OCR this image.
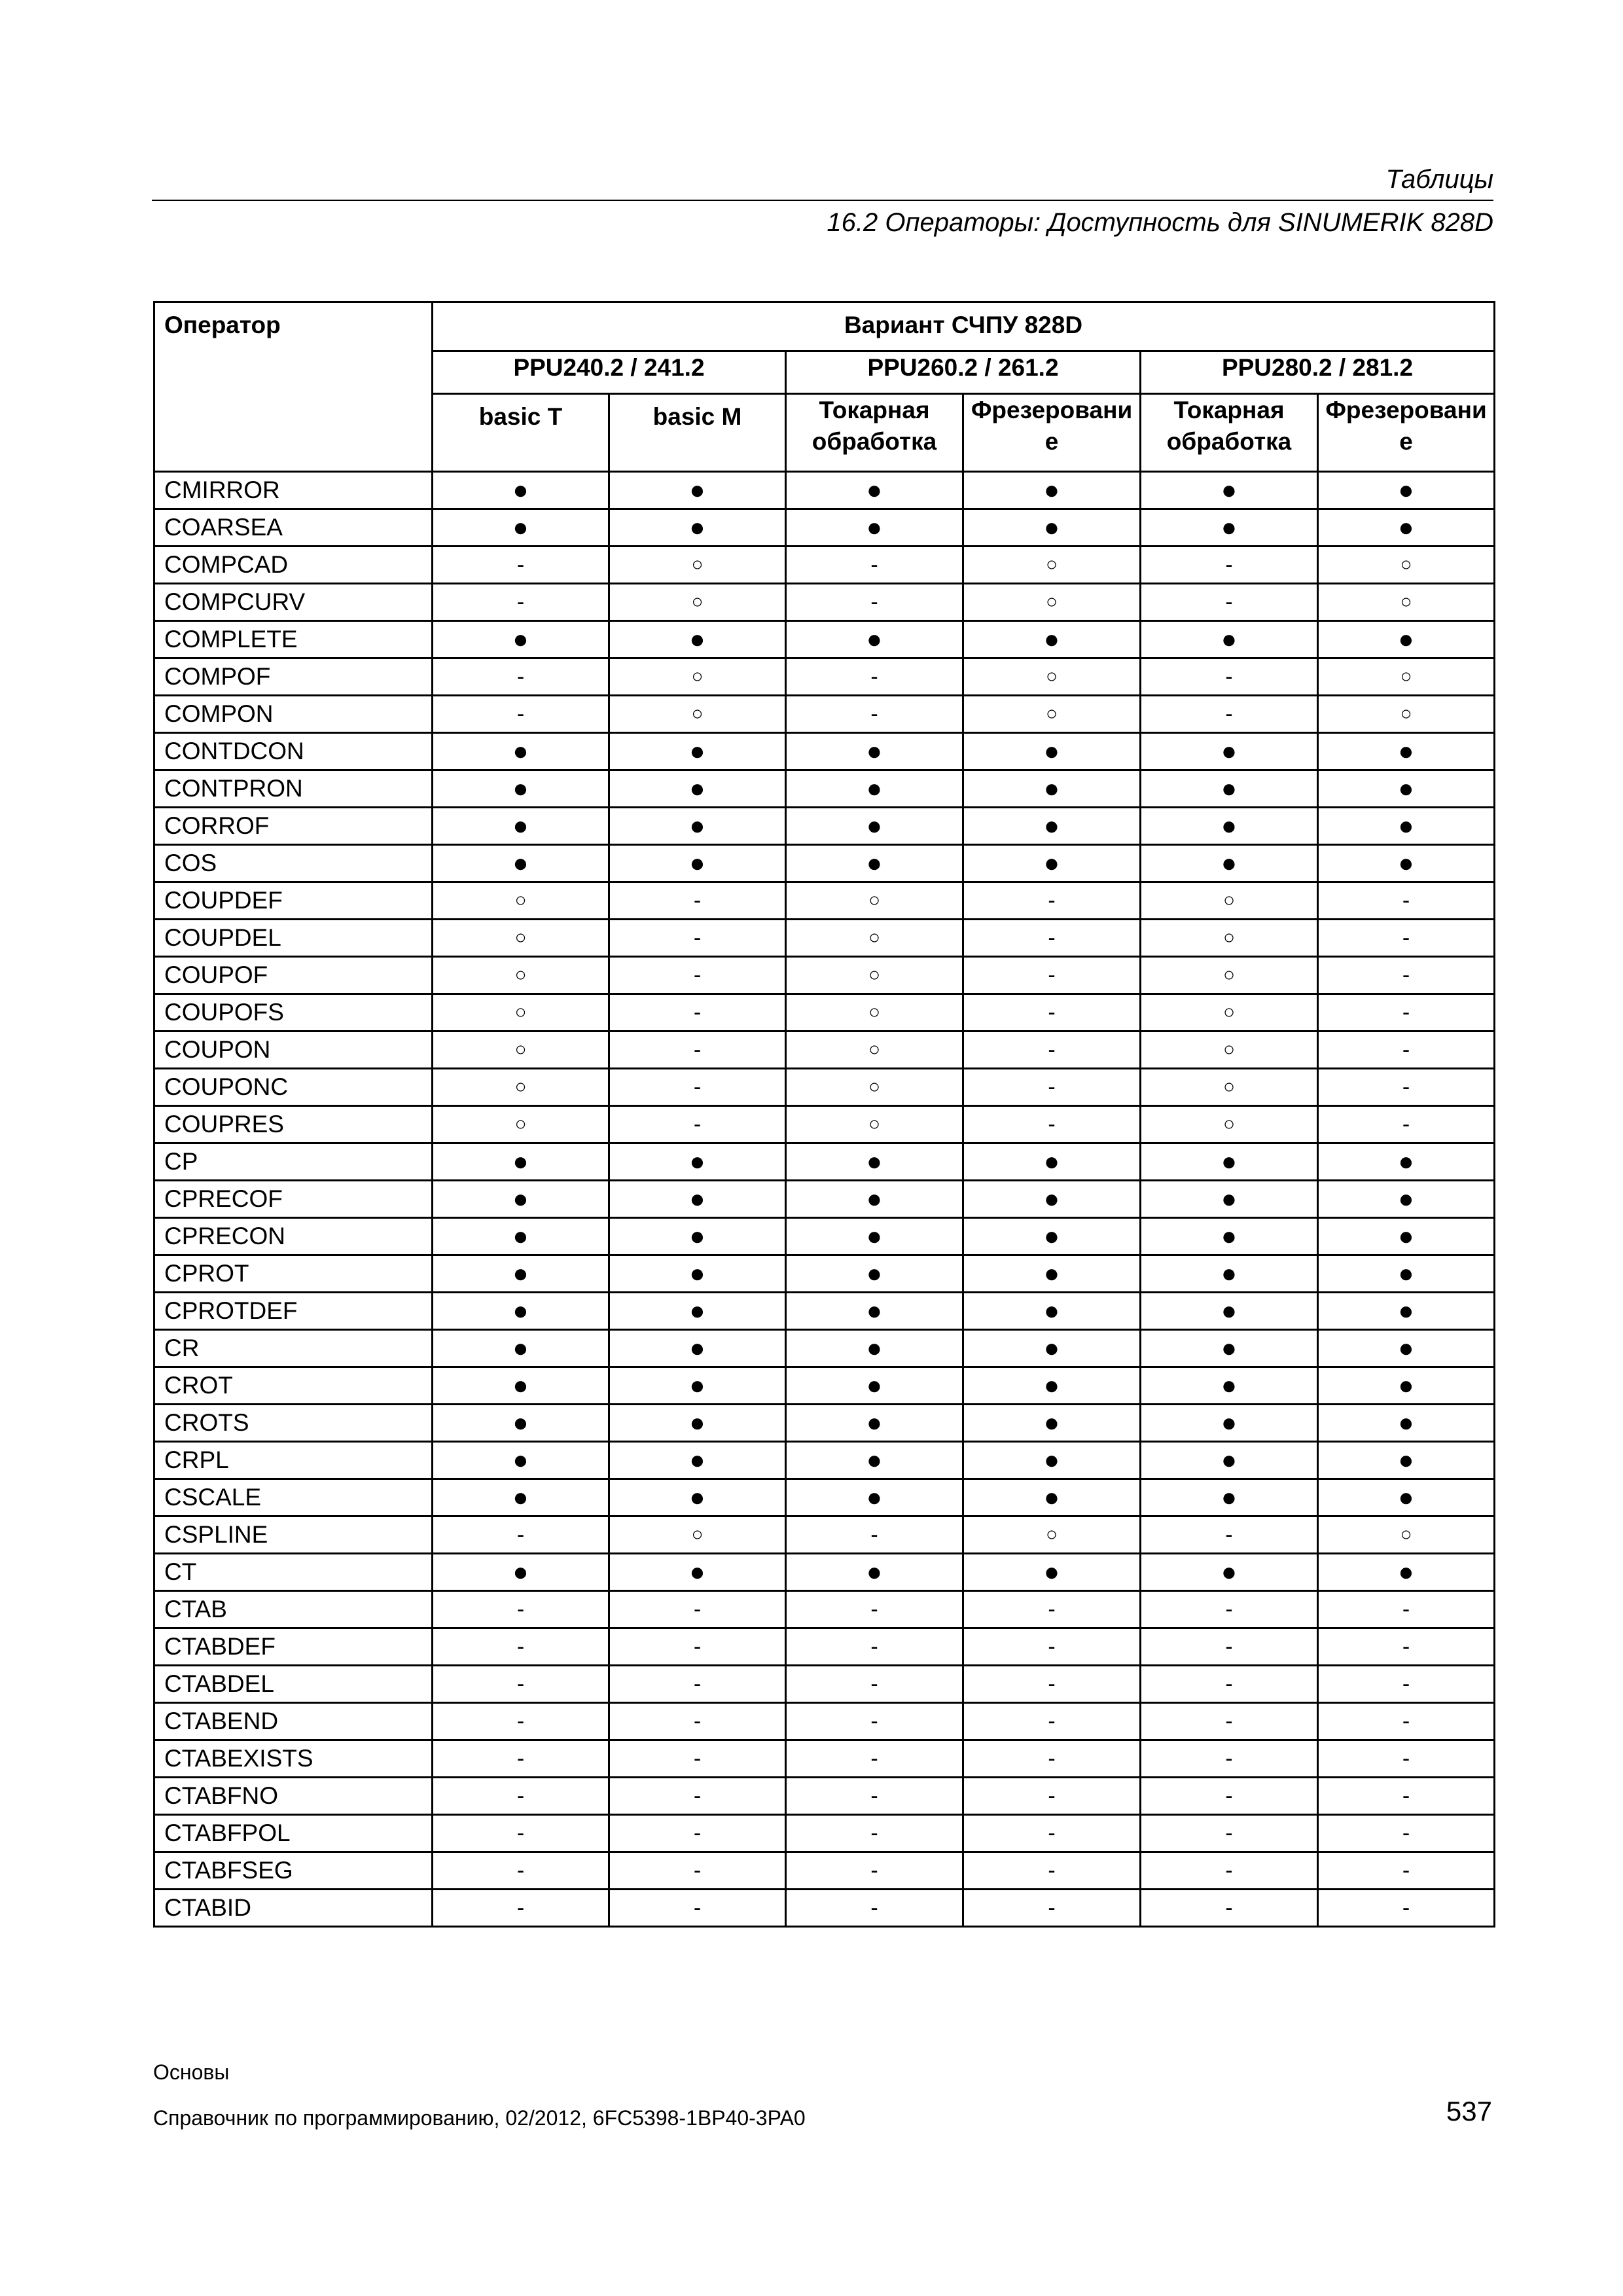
Таблицы
16.2 Операторы: Доступность для SINUMERIK 828D
Оператор	Вариант СЧПУ 828D					
	PPU240.2 / 241.2		PPU260.2 / 261.2		PPU280.2 / 281.2	
	basic T	basic M	Токарная обработка	Фрезеровани е	Токарная обработка	Фрезеровани е
CMIRROR	●	●	●	●	●	●
COARSEA	●	●	●	●	●	●
COMPCAD	-	○	-	○	-	○
COMPCURV	-	○	-	○	-	○
COMPLETE	●	●	●	●	●	●
COMPOF	-	○	-	○	-	○
COMPON	-	○	-	○	-	○
CONTDCON	●	●	●	●	●	●
CONTPRON	●	●	●	●	●	●
CORROF	●	●	●	●	●	●
COS	●	●	●	●	●	●
COUPDEF	○	-	○	-	○	-
COUPDEL	○	-	○	-	○	-
COUPOF	○	-	○	-	○	-
COUPOFS	○	-	○	-	○	-
COUPON	○	-	○	-	○	-
COUPONC	○	-	○	-	○	-
COUPRES	○	-	○	-	○	-
CP	●	●	●	●	●	●
CPRECOF	●	●	●	●	●	●
CPRECON	●	●	●	●	●	●
CPROT	●	●	●	●	●	●
CPROTDEF	●	●	●	●	●	●
CR	●	●	●	●	●	●
CROT	●	●	●	●	●	●
CROTS	●	●	●	●	●	●
CRPL	●	●	●	●	●	●
CSCALE	●	●	●	●	●	●
CSPLINE	-	○	-	○	-	○
CT	●	●	●	●	●	●
CTAB	-	-	-	-	-	-
CTABDEF	-	-	-	-	-	-
CTABDEL	-	-	-	-	-	-
CTABEND	-	-	-	-	-	-
CTABEXISTS	-	-	-	-	-	-
CTABFNO	-	-	-	-	-	-
CTABFPOL	-	-	-	-	-	-
CTABFSEG	-	-	-	-	-	-
CTABID	-	-	-	-	-	-
Основы
Справочник по программированию, 02/2012, 6FC5398-1BP40-3PA0	537
